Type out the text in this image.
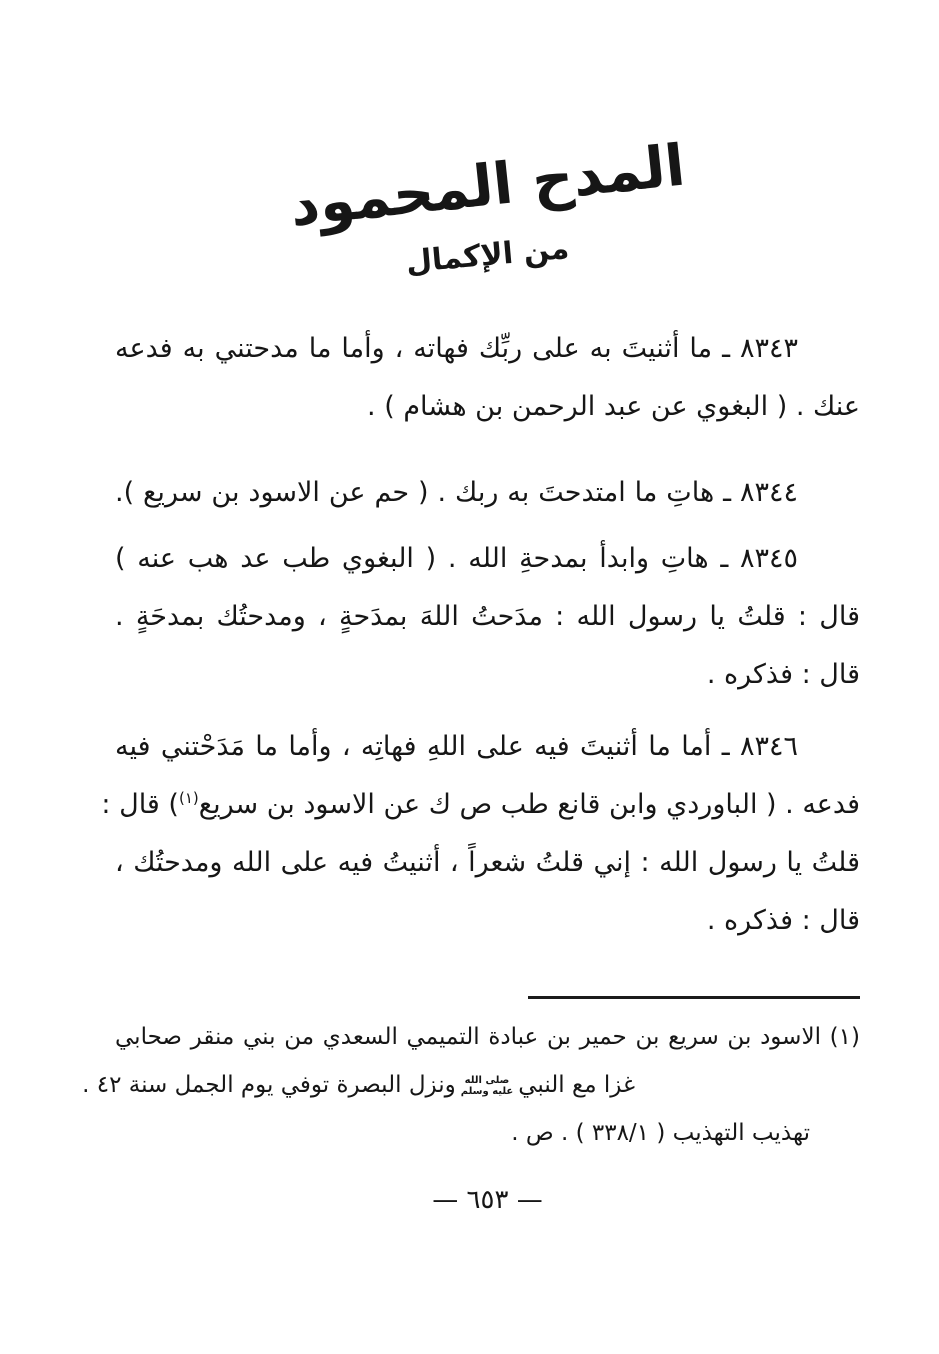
المدح المحمود
من الإكمال
٨٣٤٣ ـ ما أثنيتَ به على ربِّك فهاته ، وأما ما مدحتني به فدعه
عنك . ( البغوي عن عبد الرحمن بن هشام ) .
٨٣٤٤ ـ هاتِ ما امتدحتَ به ربك . ( حم عن الاسود بن سريع ).
٨٣٤٥ ـ هاتِ وابدأ بمدحةِ الله . ( البغوي طب عد هب عنه )
قال : قلتُ يا رسول الله : مدَحتُ اللهَ بمدَحةٍ ، ومدحتُك بمدحَةٍ .
قال : فذكره .
٨٣٤٦ ـ أما ما أثنيتَ فيه على اللهِ فهاتِه ، وأما ما مَدَحْتني فيه
فدعه . ( الباوردي وابن قانع طب ص ك عن الاسود بن سريع$^{(١)}$) قال :
قلتُ يا رسول الله : إني قلتُ شعراً ، أثنيتُ فيه على الله ومدحتُك ،
قال : فذكره .
(١) الاسود بن سريع بن حمير بن عبادة التميمي السعدي من بني منقر صحابي
غزا مع النبي
صلى الله
عليه وسلم
ونزل البصرة توفي يوم الجمل سنة ٤٢ .
تهذيب التهذيب ( ٣٣٨/١ ) . ص .
— ٦٥٣ —
